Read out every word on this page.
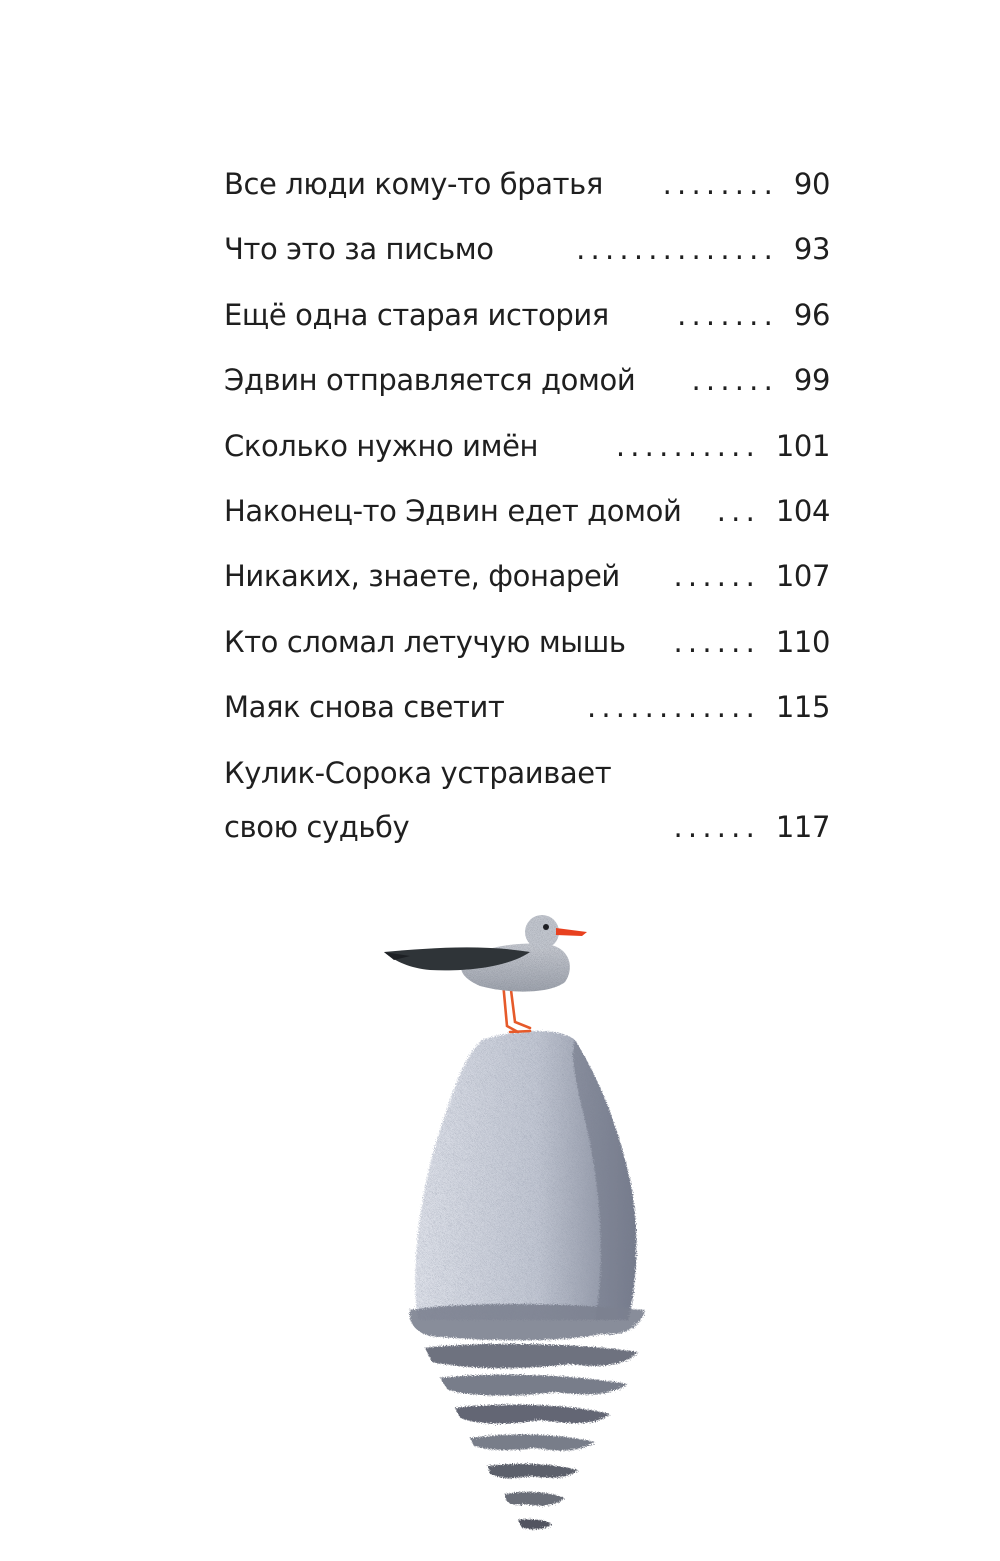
Все люди кому-то братья	........ 90
Что это за письмо	.............. 93
Ещё одна старая история	....... 96
Эдвин отправляется домой	...... 99
Сколько нужно имён	.......... 101
Наконец-то Эдвин едет домой	... 104
Никаких, знаете, фонарей	...... 107
Кто сломал летучую мышь	...... 110
Маяк снова светит	............ 115
Кулик-Сорока устраивает
свою судьбу	...... 117
